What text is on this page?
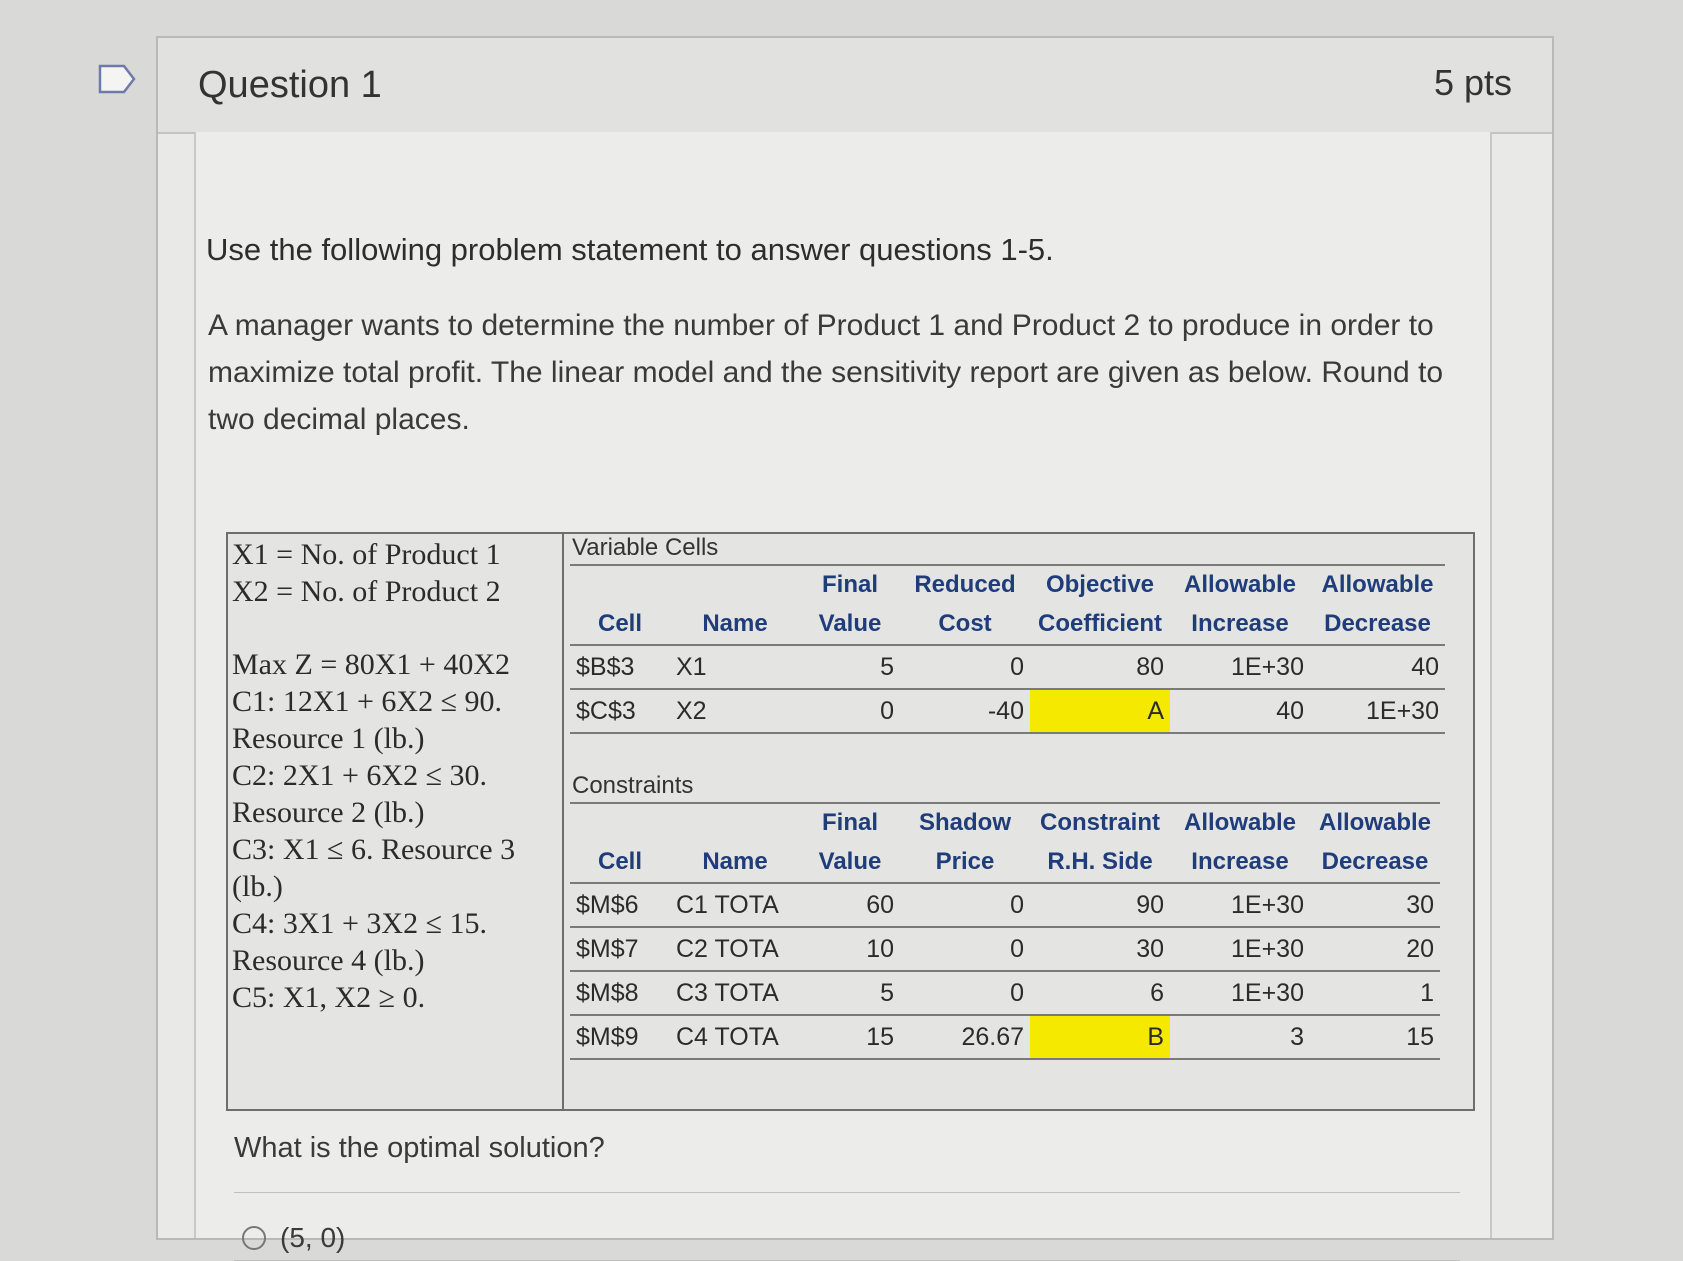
Question 1	5 pts
Use the following problem statement to answer questions 1-5.
A manager wants to determine the number of Product 1 and Product 2 to produce in order to maximize total profit. The linear model and the sensitivity report are given as below. Round to two decimal places.
X1 = No. of Product 1
X2 = No. of Product 2
Max Z = 80X1 + 40X2
C1: 12X1 + 6X2 ≤ 90.
Resource 1 (lb.)
C2: 2X1 + 6X2 ≤ 30.
Resource 2 (lb.)
C3: X1 ≤ 6. Resource 3
(lb.)
C4: 3X1 + 3X2 ≤ 15.
Resource 4 (lb.)
C5: X1, X2 ≥ 0.
Variable Cells
		Final	Reduced	Objective	Allowable	Allowable
Cell	Name	Value	Cost	Coefficient	Increase	Decrease
$B$3	X1	5	0	80	1E+30	40
$C$3	X2	0	-40	A	40	1E+30
Constraints
		Final	Shadow	Constraint	Allowable	Allowable
Cell	Name	Value	Price	R.H. Side	Increase	Decrease
$M$6	C1 TOTA	60	0	90	1E+30	30
$M$7	C2 TOTA	10	0	30	1E+30	20
$M$8	C3 TOTA	5	0	6	1E+30	1
$M$9	C4 TOTA	15	26.67	B	3	15
What is the optimal solution?
(5, 0)
